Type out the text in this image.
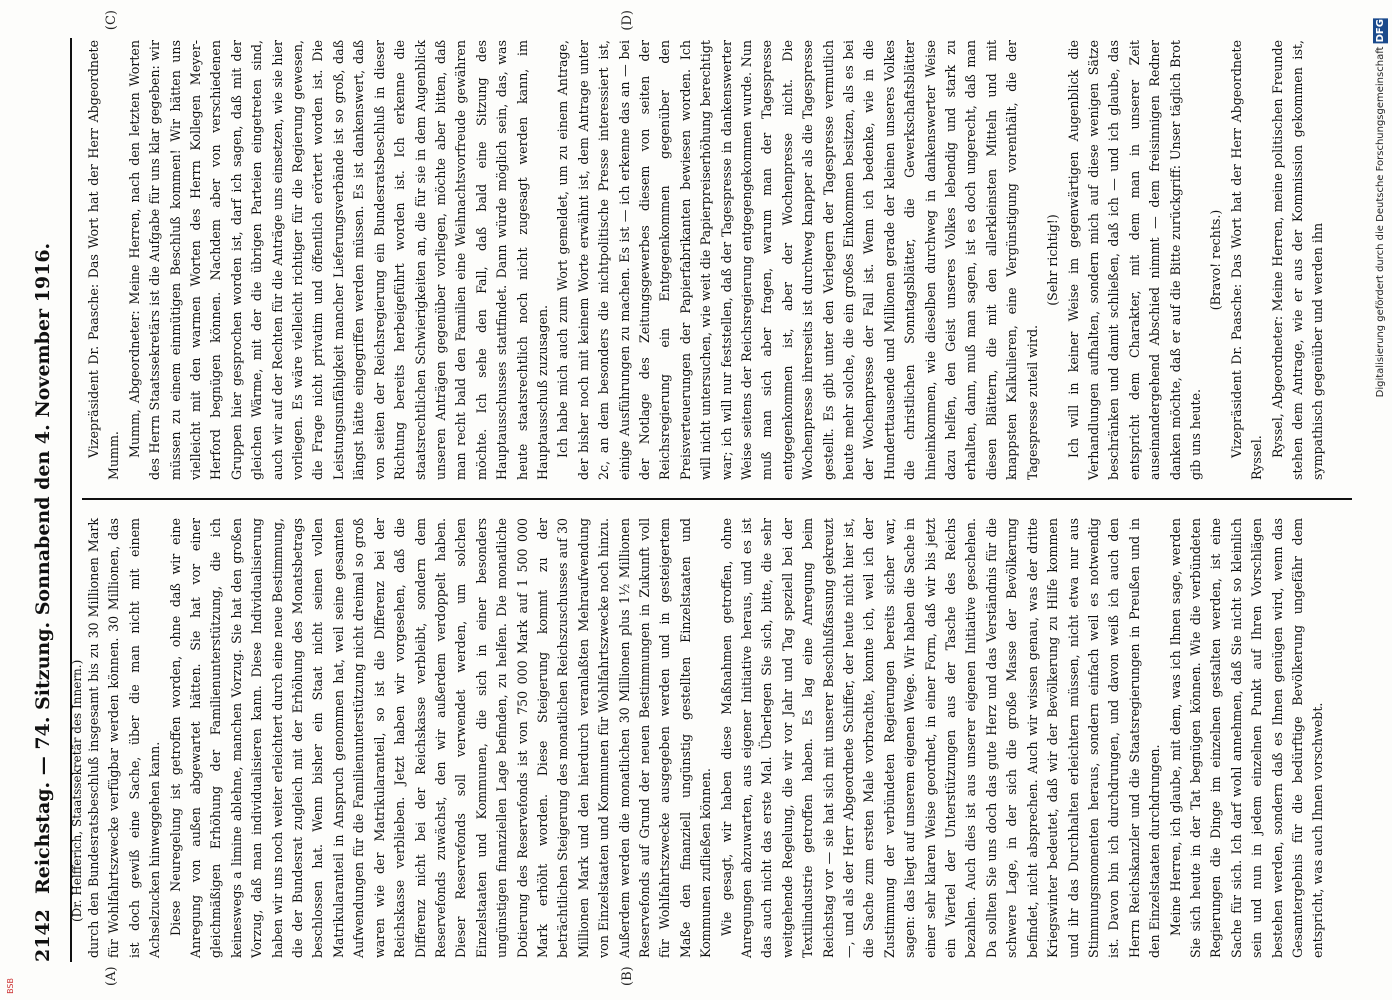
2142
Reichstag. — 74. Sitzung. Sonnabend den 4. November 1916. (Dr. Helfferich, Staatssekretär des Innern.)
(A)	(B)
(C)	(D)

durch den Bundesratsbeschluß insgesamt bis zu 30 Millionen Mark für Wohlfahrtszwecke verfügbar werden können. 30 Millionen, das ist doch gewiß eine Sache, über die man nicht mit einem Achselzucken hinweggehen kann. Diese Neuregelung ist getroffen worden, ohne daß wir eine Anregung von außen abgewartet hätten. Sie hat vor einer gleichmäßigen Erhöhung der Familienunterstützung, die ich keineswegs a limine ablehne, manchen Vorzug. Sie hat den großen Vorzug, daß man individualisieren kann. Diese Individualisierung haben wir uns noch weiter erleichtert durch eine neue Bestimmung, die der Bundesrat zugleich mit der Erhöhung des Monatsbetrags beschlossen hat. Wenn bisher ein Staat nicht seinen vollen Matrikularanteil in Anspruch genommen hat, weil seine gesamten Aufwendungen für die Familienunterstützung nicht dreimal so groß waren wie der Matrikularanteil, so ist die Differenz bei der Reichskasse verblieben. Jetzt haben wir vorgesehen, daß die Differenz nicht bei der Reichskasse verbleibt, sondern dem Reservefonds zuwächst, den wir außerdem verdoppelt haben. Dieser Reservefonds soll verwendet werden, um solchen Einzelstaaten und Kommunen, die sich in einer besonders ungünstigen finanziellen Lage befinden, zu helfen. Die monatliche Dotierung des Reservefonds ist von 750 000 Mark auf 1 500 000 Mark erhöht worden. Diese Steigerung kommt zu der beträchtlichen Steigerung des monatlichen Reichszuschusses auf 30 Millionen Mark und den hierdurch veranlaßten Mehraufwendung von Einzelstaaten und Kommunen für Wohlfahrtszwecke noch hinzu. Außerdem werden die monatlichen 30 Millionen plus 1½ Millionen Reservefonds auf Grund der neuen Bestimmungen in Zukunft voll für Wohlfahrtszwecke ausgegeben werden und in gesteigertem Maße den finanziell ungünstig gestellten Einzelstaaten und Kommunen zufließen können. Wie gesagt, wir haben diese Maßnahmen getroffen, ohne Anregungen abzuwarten, aus eigener Initiative heraus, und es ist das auch nicht das erste Mal. Überlegen Sie sich, bitte, die sehr weitgehende Regelung, die wir vor Jahr und Tag speziell bei der Textilindustrie getroffen haben. Es lag eine Anregung beim Reichstag vor — sie hat sich mit unserer Beschlußfassung gekreuzt —, und als der Herr Abgeordnete Schiffer, der heute nicht hier ist, die Sache zum ersten Male vorbrachte, konnte ich, weil ich der Zustimmung der verbündeten Regierungen bereits sicher war, sagen: das liegt auf unserem eigenen Wege. Wir haben die Sache in einer sehr klaren Weise geordnet, in einer Form, daß wir bis jetzt ein Viertel der Unterstützungen aus der Tasche des Reichs bezahlen. Auch dies ist aus unserer eigenen Initiative geschehen. Da sollten Sie uns doch das gute Herz und das Verständnis für die schwere Lage, in der sich die große Masse der Bevölkerung befindet, nicht absprechen. Auch wir wissen genau, was der dritte Kriegswinter bedeutet, daß wir der Bevölkerung zu Hilfe kommen und ihr das Durchhalten erleichtern müssen, nicht etwa nur aus Stimmungsmomenten heraus, sondern einfach weil es notwendig ist. Davon bin ich durchdrungen, und davon weiß ich auch den Herrn Reichskanzler und die Staatsregierungen in Preußen und in den Einzelstaaten durchdrungen. Meine Herren, ich glaube, mit dem, was ich Ihnen sage, werden Sie sich heute in der Tat begnügen können. Wie die verbündeten Regierungen die Dinge im einzelnen gestalten werden, ist eine Sache für sich. Ich darf wohl annehmen, daß Sie nicht so kleinlich sein und nun in jedem einzelnen Punkt auf Ihren Vorschlägen bestehen werden, sondern daß es Ihnen genügen wird, wenn das Gesamtergebnis für die bedürftige Bevölkerung ungefähr dem entspricht, was auch Ihnen vorschwebt.

Vizepräsident Dr. Paasche: Das Wort hat der Herr Abgeordnete Mumm. Mumm, Abgeordneter: Meine Herren, nach den letzten Worten des Herrn Staatssekretärs ist die Aufgabe für uns klar gegeben: wir müssen zu einem einmütigen Beschluß kommen! Wir hätten uns vielleicht mit den warmen Worten des Herrn Kollegen Meyer-Herford begnügen können. Nachdem aber von verschiedenen Gruppen hier gesprochen worden ist, darf ich sagen, daß mit der gleichen Wärme, mit der die übrigen Parteien eingetreten sind, auch wir auf der Rechten für die Anträge uns einsetzen, wie sie hier vorliegen. Es wäre vielleicht richtiger für die Regierung gewesen, die Frage nicht privatim und öffentlich erörtert worden ist. Die Leistungsunfähigkeit mancher Lieferungsverbände ist so groß, daß längst hätte eingegriffen werden müssen. Es ist dankenswert, daß von seiten der Reichsregierung ein Bundesratsbeschluß in dieser Richtung bereits herbeigeführt worden ist. Ich erkenne die staatsrechtlichen Schwierigkeiten an, die für sie in dem Augenblick unseren Anträgen gegenüber vorliegen, möchte aber bitten, daß man recht bald den Familien eine Weihnachtsvorfreude gewähren möchte. Ich sehe den Fall, daß bald eine Sitzung des Hauptausschusses stattfindet. Dann würde möglich sein, das, was heute staatsrechtlich noch nicht zugesagt werden kann, im Hauptausschuß zuzusagen. Ich habe mich auch zum Wort gemeldet, um zu einem Antrage, der bisher noch mit keinem Worte erwähnt ist, dem Antrage unter 2c, an dem besonders die nichtpolitische Presse interessiert ist, einige Ausführungen zu machen. Es ist — ich erkenne das an — bei der Notlage des Zeitungsgewerbes diesem von seiten der Reichsregierung ein Entgegenkommen gegenüber den Preisverteuerungen der Papierfabrikanten bewiesen worden. Ich will nicht untersuchen, wie weit die Papierpreiserhöhung berechtigt war; ich will nur feststellen, daß der Tagespresse in dankenswerter Weise seitens der Reichsregierung entgegengekommen wurde. Nun muß man sich aber fragen, warum man der Tagespresse entgegenkommen ist, aber der Wochenpresse nicht. Die Wochenpresse ihrerseits ist durchweg knapper als die Tagespresse gestellt. Es gibt unter den Verlegern der Tagespresse vermutlich heute mehr solche, die ein großes Einkommen besitzen, als es bei der Wochenpresse der Fall ist. Wenn ich bedenke, wie in die Hunderttausende und Millionen gerade der kleinen unseres Volkes die christlichen Sonntagsblätter, die Gewerkschaftsblätter hineinkommen, wie dieselben durchweg in dankenswerter Weise dazu helfen, den Geist unseres Volkes lebendig und stark zu erhalten, dann, muß man sagen, ist es doch ungerecht, daß man diesen Blättern, die mit den allerkleinsten Mitteln und mit knappsten Kalkulieren, eine Vergünstigung vorenthält, die der Tagespresse zuteil wird.

(Sehr richtig!) Ich will in keiner Weise im gegenwärtigen Augenblick die Verhandlungen aufhalten, sondern mich auf diese wenigen Sätze beschränken und damit schließen, daß ich — und ich glaube, das entspricht dem Charakter, mit dem man in unserer Zeit auseinandergehend Abschied nimmt — dem freisinnigen Redner danken möchte, daß er auf die Bitte zurückgriff: Unser täglich Brot gib uns heute.

(Bravo! rechts.) Vizepräsident Dr. Paasche: Das Wort hat der Herr Abgeordnete Ryssel. Ryssel, Abgeordneter: Meine Herren, meine politischen Freunde stehen dem Antrage, wie er aus der Kommission gekommen ist, sympathisch gegenüber und werden ihn	Digitalisierung gefördert durch die Deutsche Forschungsgemeinschaft DFG
BSB
